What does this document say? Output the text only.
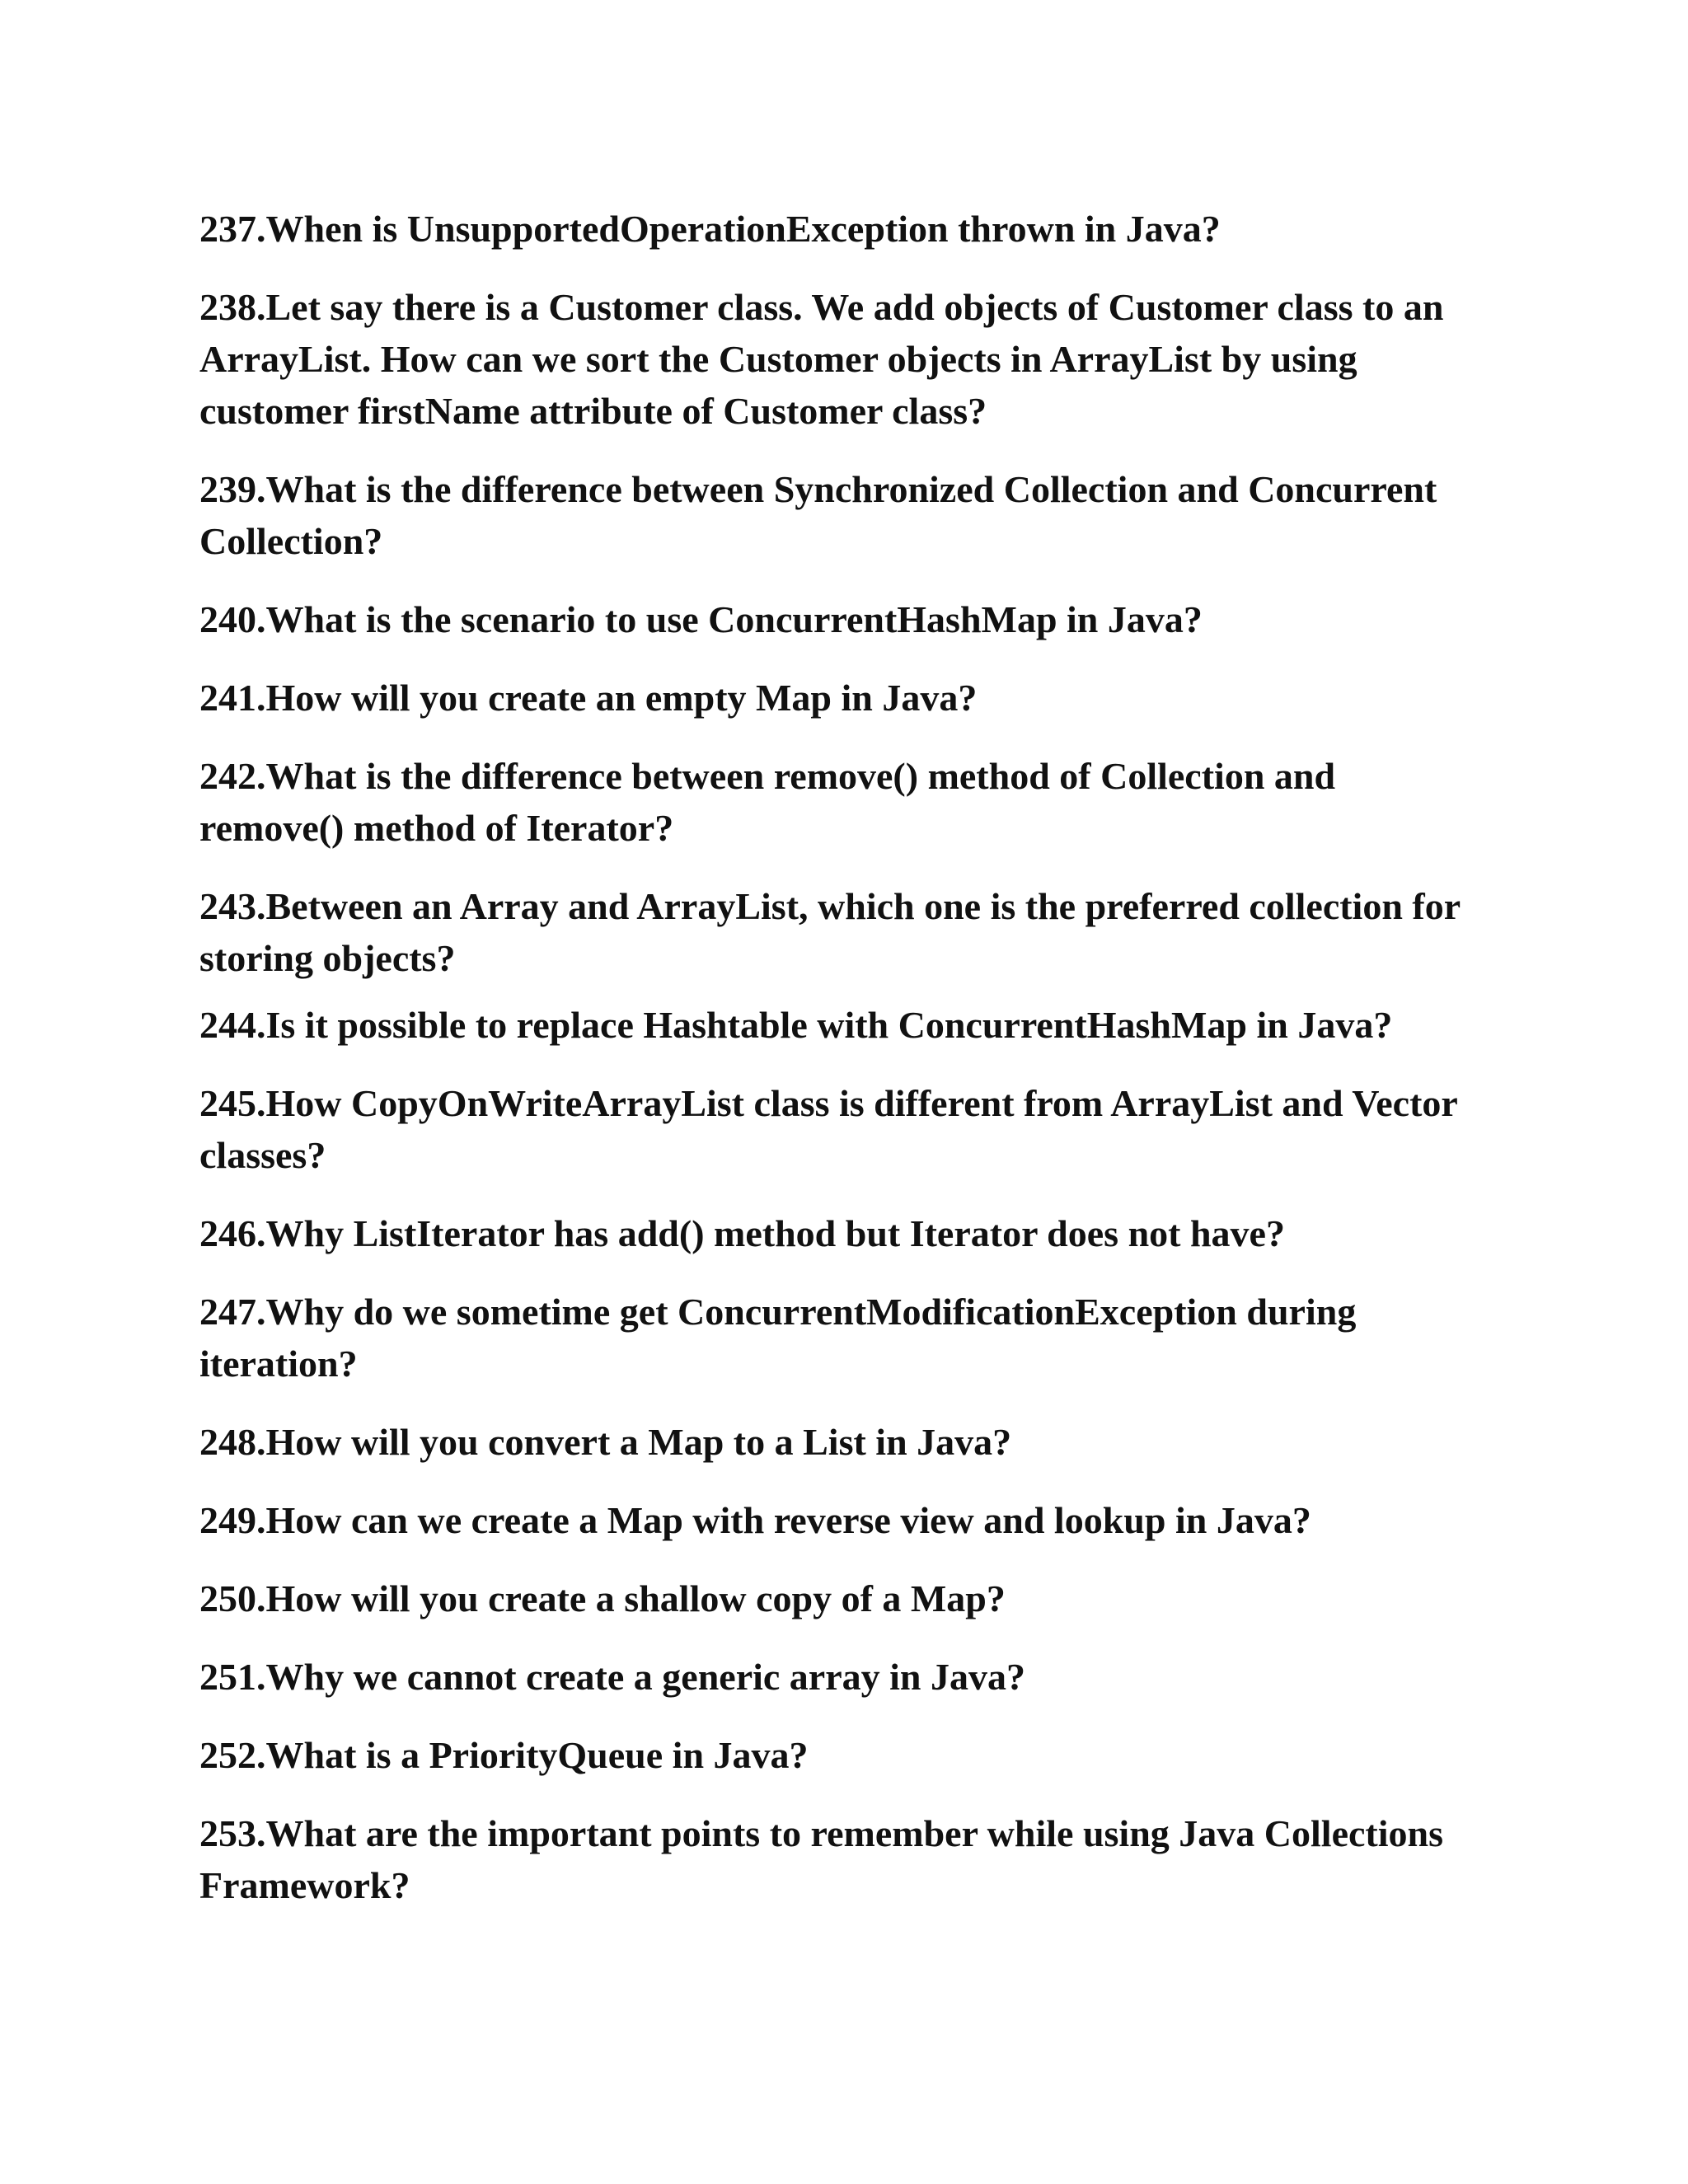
237.When is UnsupportedOperationException thrown in Java?
238.Let say there is a Customer class. We add objects of Customer class to an ArrayList. How can we sort the Customer objects in ArrayList by using customer firstName attribute of Customer class?
239.What is the difference between Synchronized Collection and Concurrent Collection?
240.What is the scenario to use ConcurrentHashMap in Java?
241.How will you create an empty Map in Java?
242.What is the difference between remove() method of Collection and remove() method of Iterator?
243.Between an Array and ArrayList, which one is the preferred collection for storing objects?
244.Is it possible to replace Hashtable with ConcurrentHashMap in Java?
245.How CopyOnWriteArrayList class is different from ArrayList and Vector classes?
246.Why ListIterator has add() method but Iterator does not have?
247.Why do we sometime get ConcurrentModificationException during iteration?
248.How will you convert a Map to a List in Java?
249.How can we create a Map with reverse view and lookup in Java?
250.How will you create a shallow copy of a Map?
251.Why we cannot create a generic array in Java?
252.What is a PriorityQueue in Java?
253.What are the important points to remember while using Java Collections Framework?
